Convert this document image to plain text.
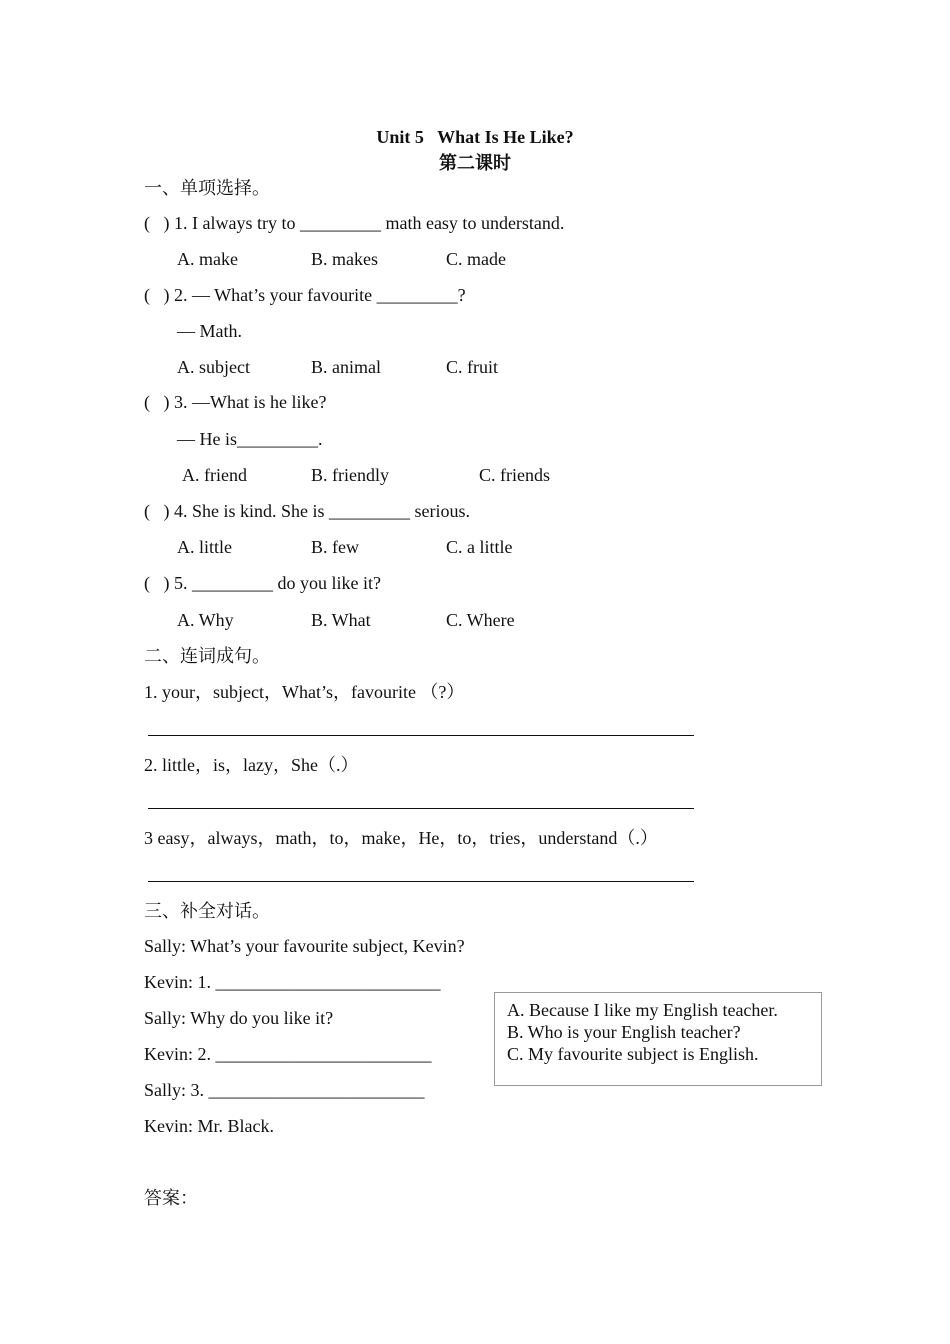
Unit 5   What Is He Like?
第二课时
一、单项选择。
(   ) 1. I always try to _________ math easy to understand.
A. make	B. makes	C. made
(   ) 2. — What’s your favourite _________?
— Math.
A. subject	B. animal	C. fruit
(   ) 3. —What is he like?
— He is_________.
A. friend	B. friendly	C. friends
(   ) 4. She is kind. She is _________ serious.
A. little	B. few	C. a little
(   ) 5. _________ do you like it?
A. Why	B. What	C. Where
二、连词成句。
1. your，subject，What’s，favourite （?）
2. little，is，lazy，She（.）
3 easy，always，math，to，make，He，to，tries，understand（.）
三、补全对话。
Sally: What’s your favourite subject, Kevin?
Kevin: 1. _________________________
Sally: Why do you like it?
Kevin: 2. ________________________
Sally: 3. ________________________
Kevin: Mr. Black.
A. Because I like my English teacher.
B. Who is your English teacher?
C. My favourite subject is English.
答案：
